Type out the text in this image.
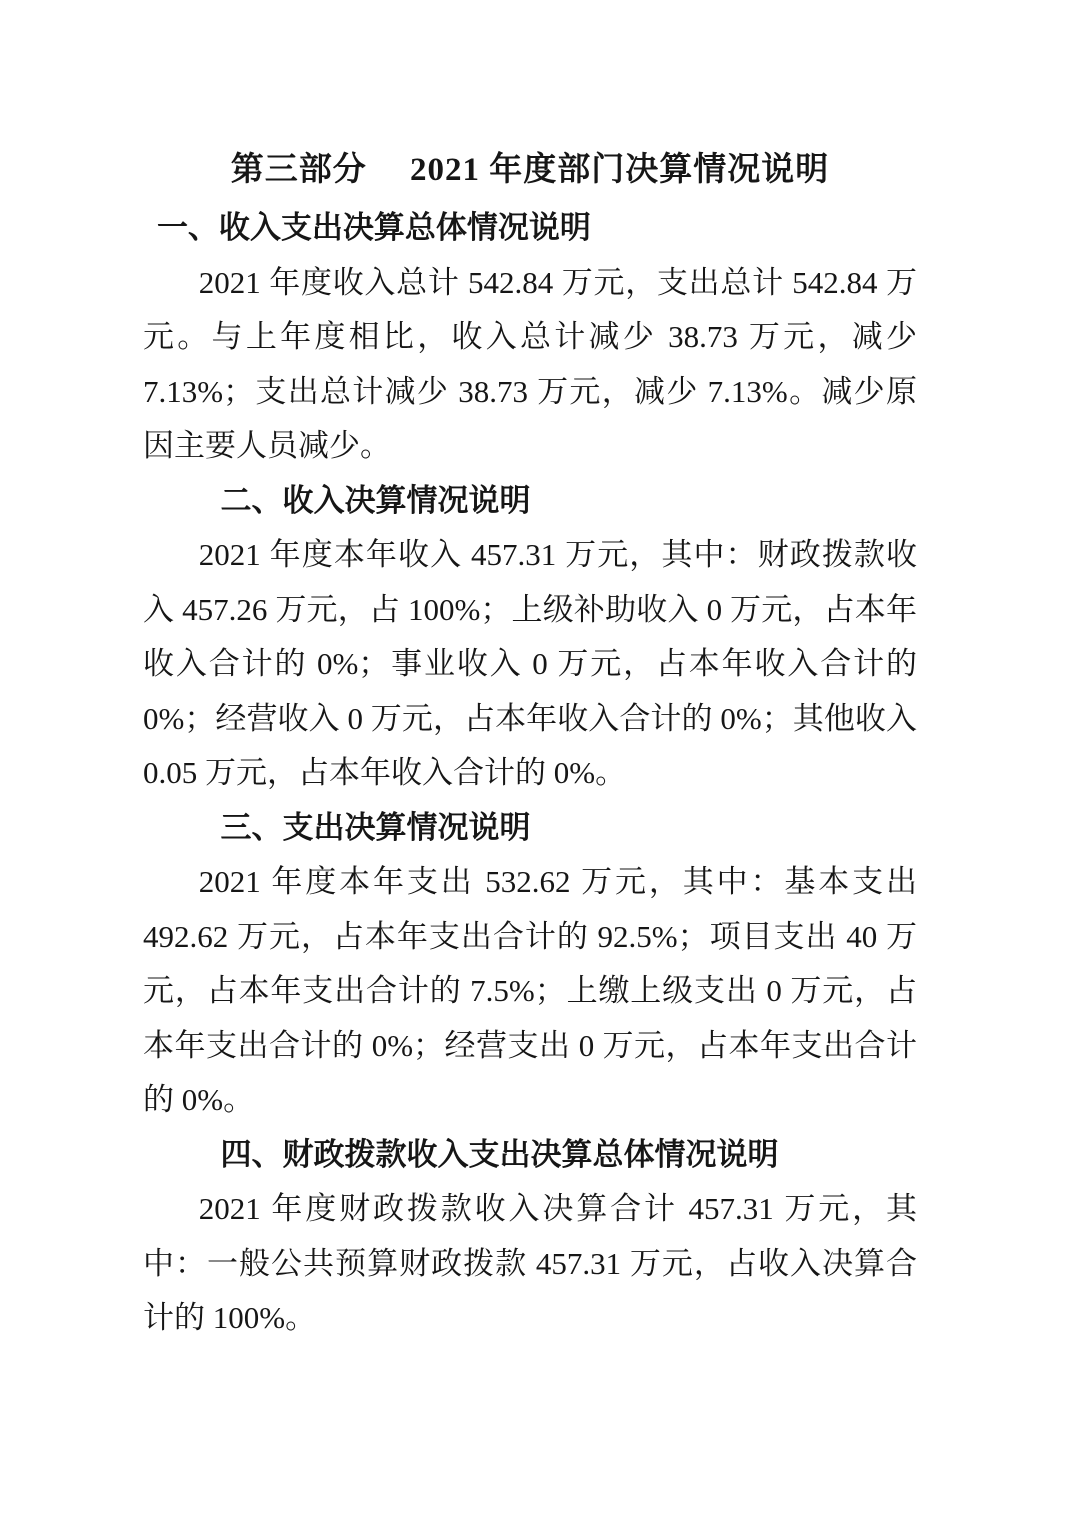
第三部分　 2021 年度部门决算情况说明
一、收入支出决算总体情况说明

2021 年度收入总计 542.84 万元，支出总计 542.84 万元。与上年度相比，收入总计减少 38.73 万元，减少 7.13%；支出总计减少 38.73 万元，减少 7.13%。减少原因主要人员减少。

二、收入决算情况说明

2021 年度本年收入 457.31 万元，其中：财政拨款收入 457.26 万元，占 100%；上级补助收入 0 万元，占本年收入合计的 0%；事业收入 0 万元，占本年收入合计的 0%；经营收入 0 万元，占本年收入合计的 0%；其他收入 0.05 万元，占本年收入合计的 0%。

三、支出决算情况说明

2021 年度本年支出 532.62 万元，其中：基本支出 492.62 万元，占本年支出合计的 92.5%；项目支出 40 万元，占本年支出合计的 7.5%；上缴上级支出 0 万元，占本年支出合计的 0%；经营支出 0 万元，占本年支出合计的 0%。

四、财政拨款收入支出决算总体情况说明

2021 年度财政拨款收入决算合计 457.31 万元，其中：一般公共预算财政拨款 457.31 万元，占收入决算合计的 100%。
